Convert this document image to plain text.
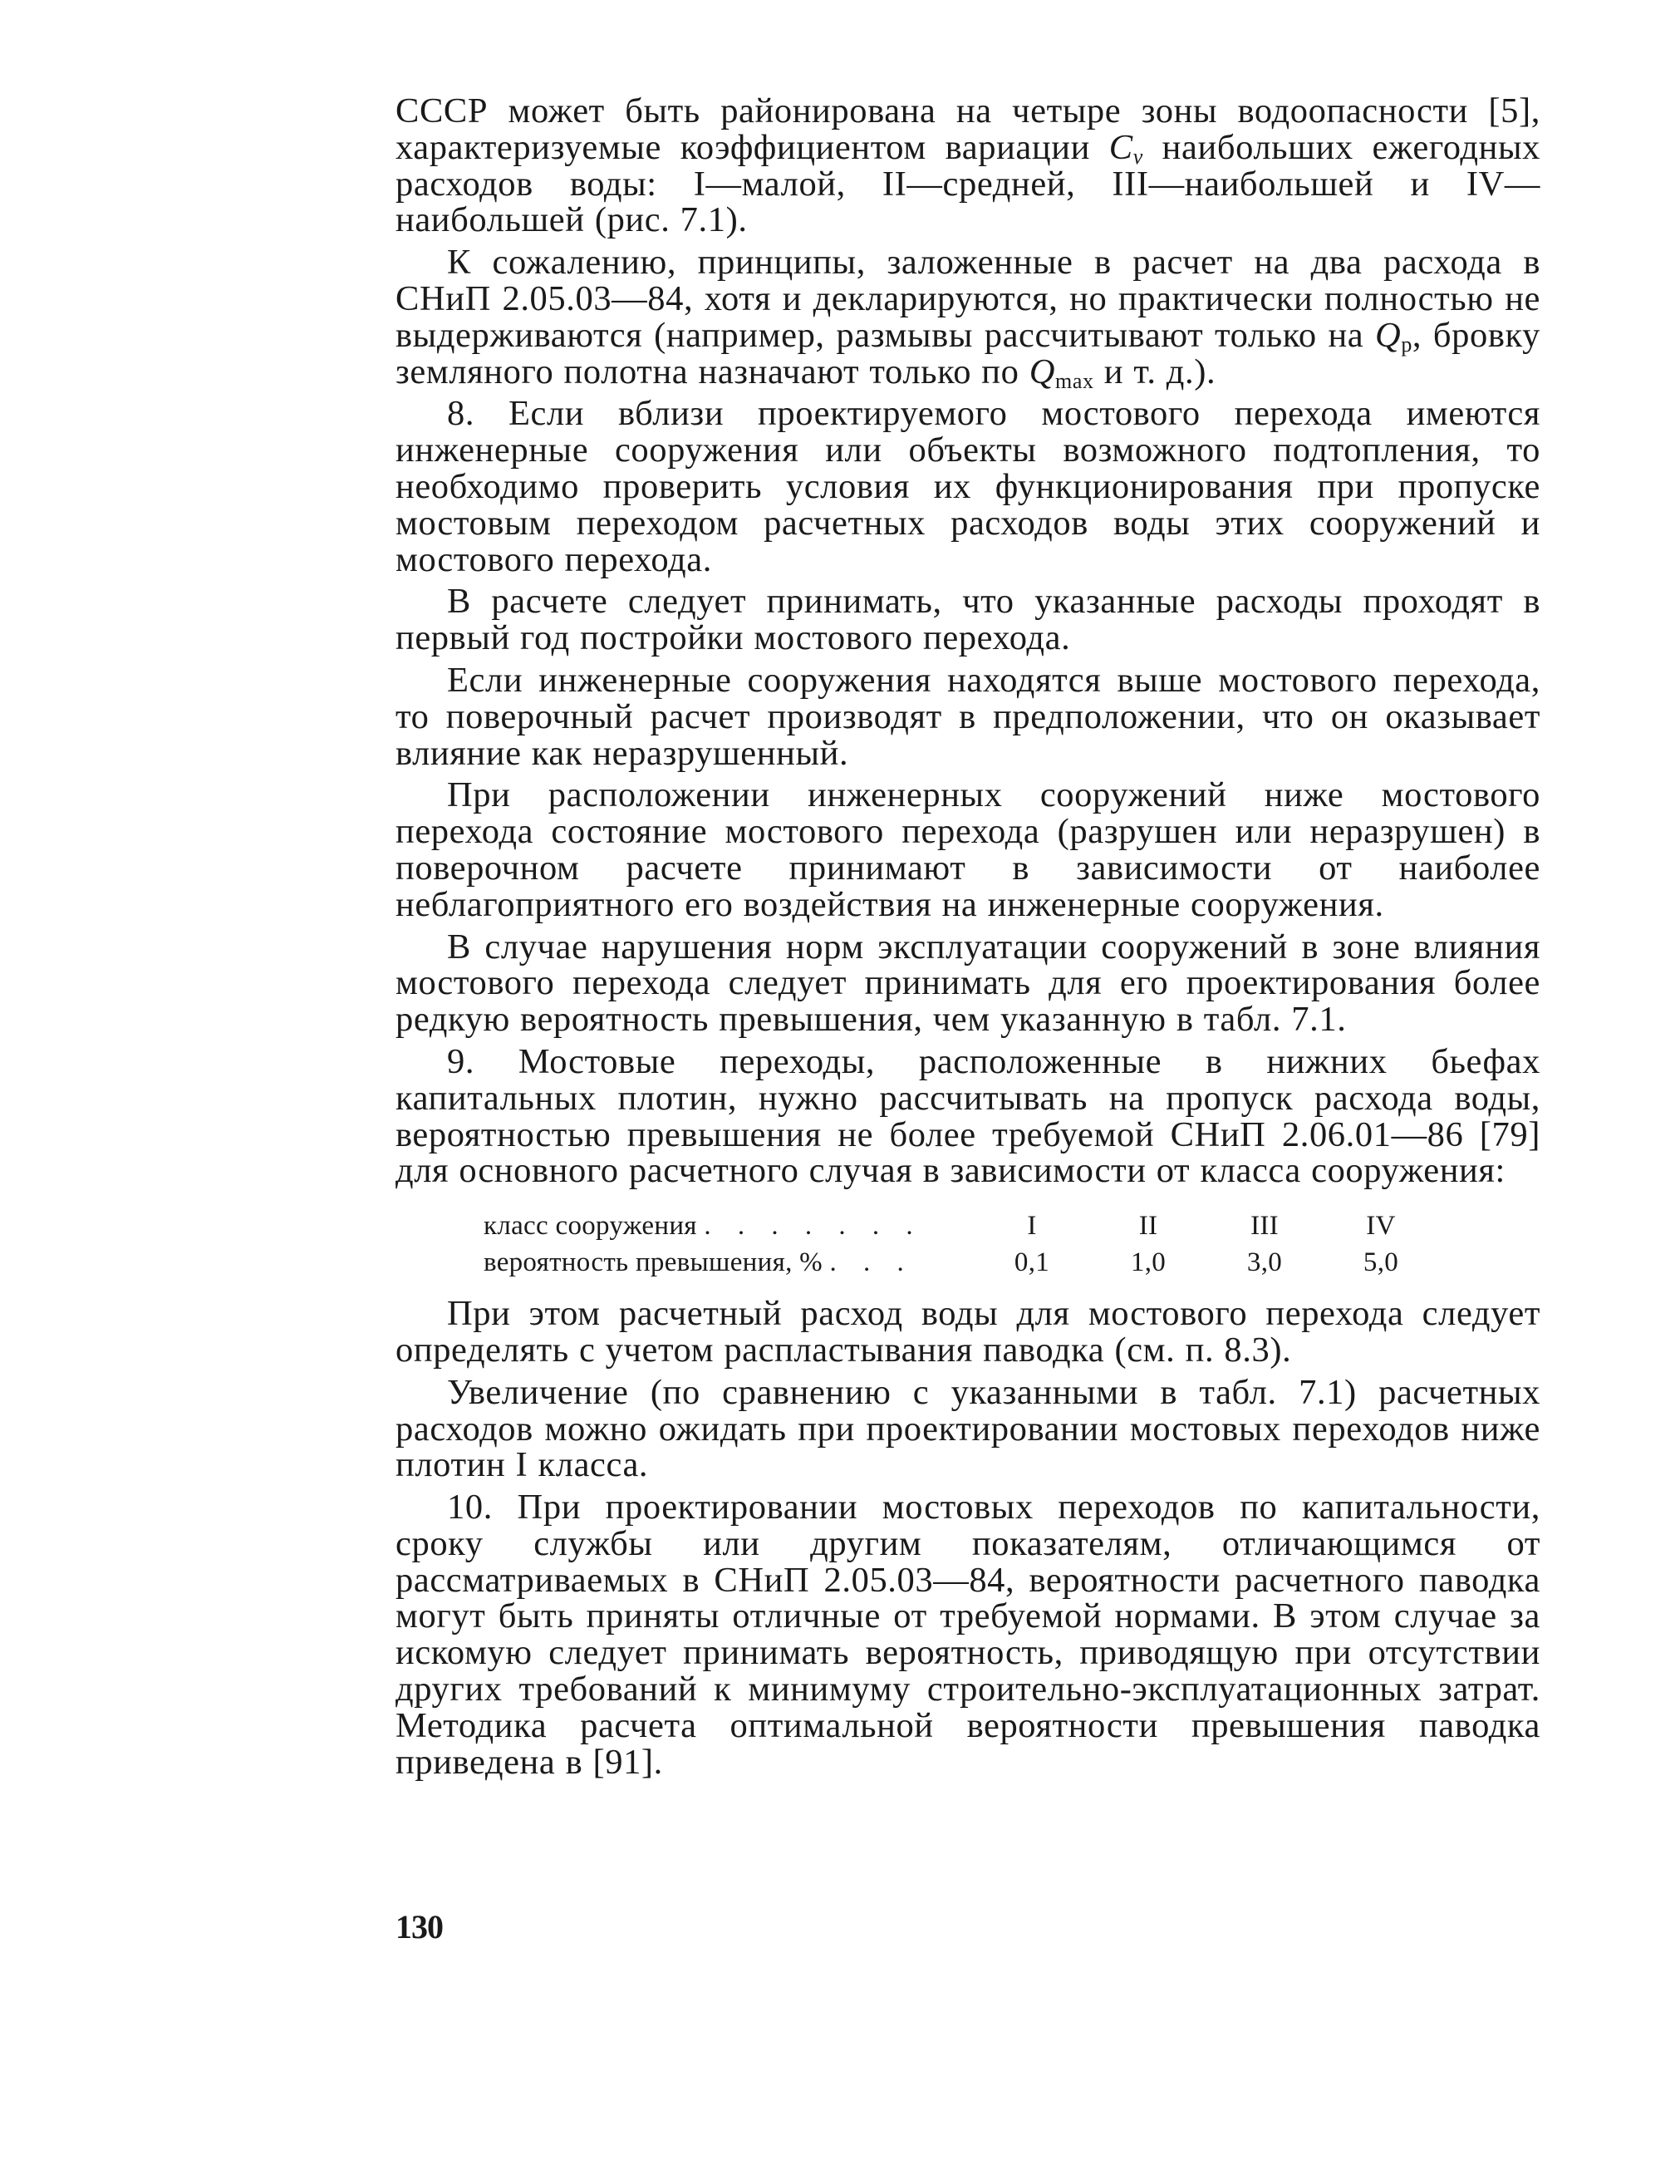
СССР может быть районирована на четыре зоны водоопасности [5], характеризуемые коэффициентом вариации $C_v$ наибольших ежегодных расходов воды: I—малой, II—средней, III—наибольшей и IV—наибольшей (рис. 7.1).

К сожалению, принципы, заложенные в расчет на два расхода в СНиП 2.05.03—84, хотя и декларируются, но практически полностью не выдерживаются (например, размывы рассчитывают только на $Q_р$, бровку земляного полотна назначают только по $Q_{max}$ и т. д.).

8. Если вблизи проектируемого мостового перехода имеются инженерные сооружения или объекты возможного подтопления, то необходимо проверить условия их функционирования при пропуске мостовым переходом расчетных расходов воды этих сооружений и мостового перехода.

В расчете следует принимать, что указанные расходы проходят в первый год постройки мостового перехода.

Если инженерные сооружения находятся выше мостового перехода, то поверочный расчет производят в предположении, что он оказывает влияние как неразрушенный.

При расположении инженерных сооружений ниже мостового перехода состояние мостового перехода (разрушен или неразрушен) в поверочном расчете принимают в зависимости от наиболее неблагоприятного его воздействия на инженерные сооружения.

В случае нарушения норм эксплуатации сооружений в зоне влияния мостового перехода следует принимать для его проектирования более редкую вероятность превышения, чем указанную в табл. 7.1.

9. Мостовые переходы, расположенные в нижних бьефах капитальных плотин, нужно рассчитывать на пропуск расхода воды, вероятностью превышения не более требуемой СНиП 2.06.01—86 [79] для основного расчетного случая в зависимости от класса сооружения:

класс сооружения . . . . . . .	I	II	III	IV
вероятность превышения, % . . .	0,1	1,0	3,0	5,0

При этом расчетный расход воды для мостового перехода следует определять с учетом распластывания паводка (см. п. 8.3).

Увеличение (по сравнению с указанными в табл. 7.1) расчетных расходов можно ожидать при проектировании мостовых переходов ниже плотин I класса.

10. При проектировании мостовых переходов по капитальности, сроку службы или другим показателям, отличающимся от рассматриваемых в СНиП 2.05.03—84, вероятности расчетного паводка могут быть приняты отличные от требуемой нормами. В этом случае за искомую следует принимать вероятность, приводящую при отсутствии других требований к минимуму строительно-эксплуатационных затрат. Методика расчета оптимальной вероятности превышения паводка приведена в [91].

130
